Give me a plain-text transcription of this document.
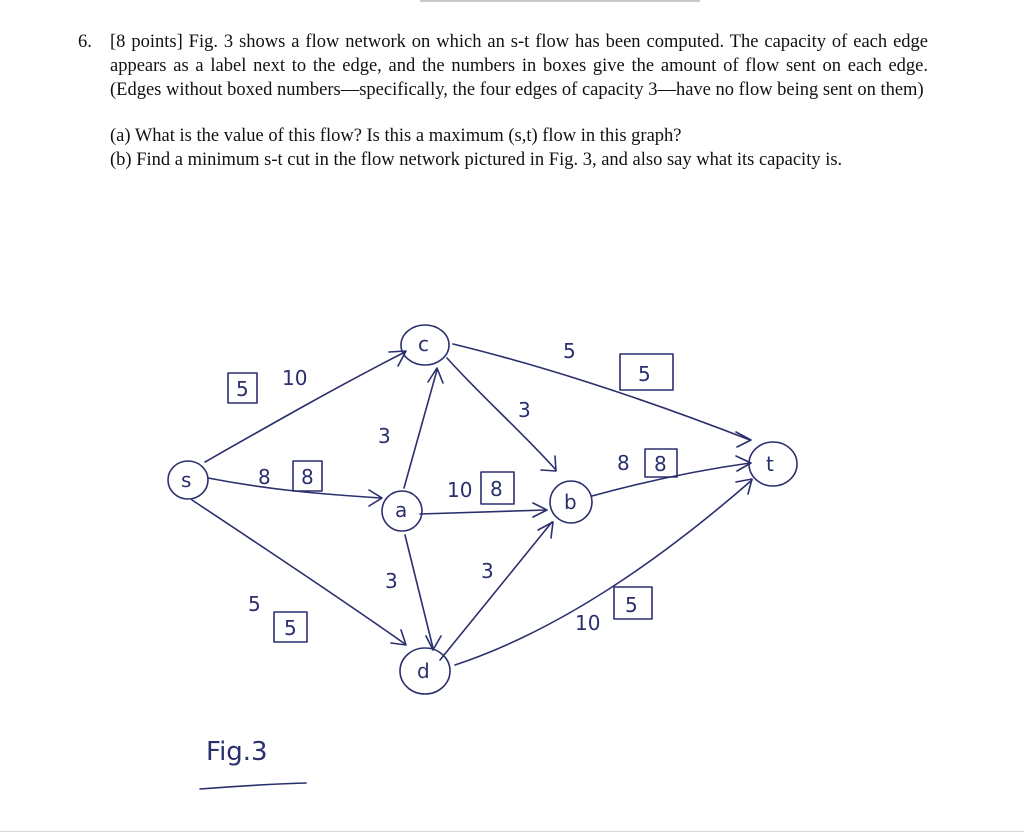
6. [8 points] Fig. 3 shows a flow network on which an s-t flow has been computed. The capacity of each edge appears as a label next to the edge, and the numbers in boxes give the amount of flow sent on each edge. (Edges without boxed numbers—specifically, the four edges of capacity 3—have no flow being sent on them)

(a) What is the value of this flow? Is this a maximum (s,t) flow in this graph?

(b) Find a minimum s-t cut in the flow network pictured in Fig. 3, and also say what its capacity is.

s
c
a	b
d
t
10
8
5
3
3
5
10
3	3
8
10
5
8
5
5
8
8
5
Fig.3
